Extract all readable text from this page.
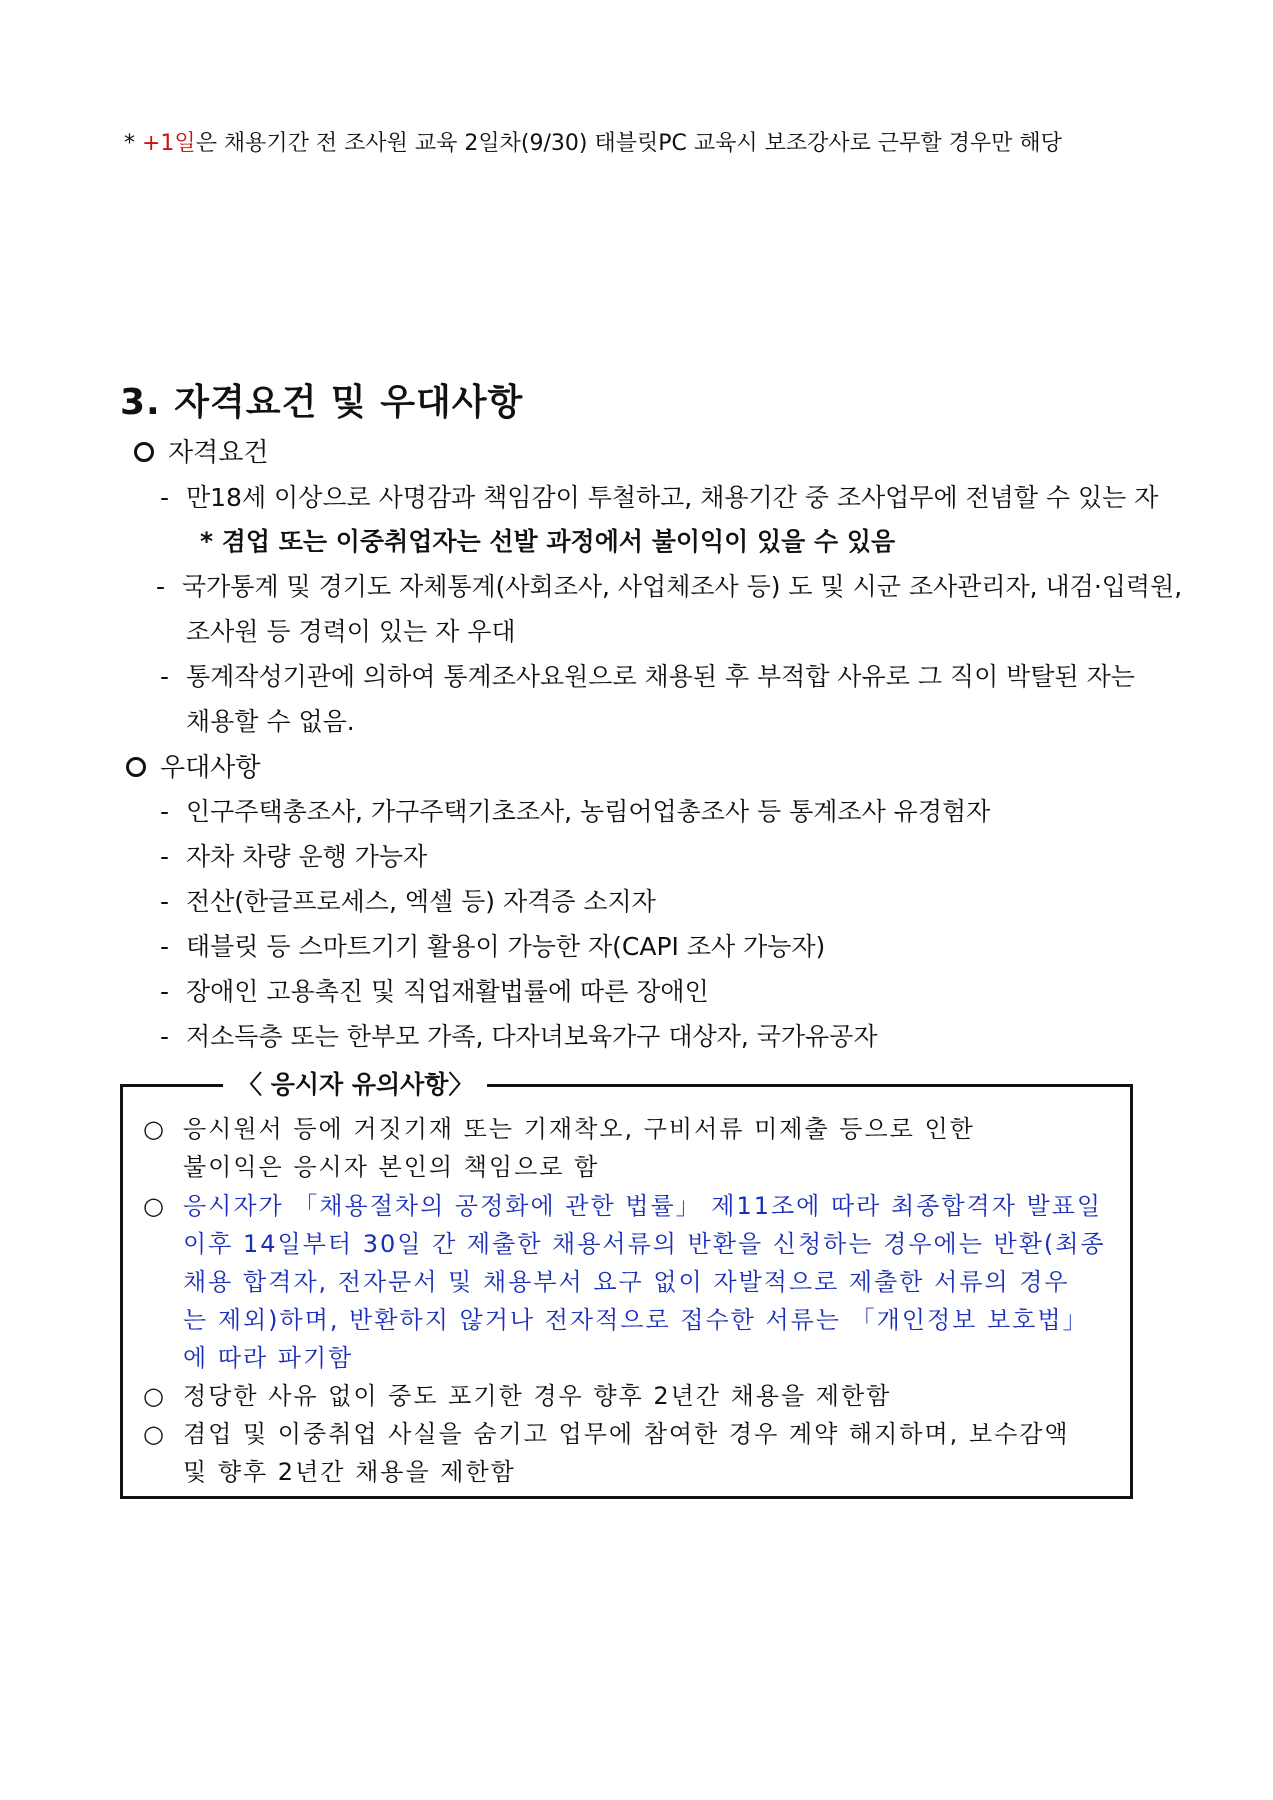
* +1일은 채용기간 전 조사원 교육 2일차(9/30) 태블릿PC 교육시 보조강사로 근무할 경우만 해당
3. 자격요건 및 우대사항
자격요건
- 만18세 이상으로 사명감과 책임감이 투철하고, 채용기간 중 조사업무에 전념할 수 있는 자
* 겸업 또는 이중취업자는 선발 과정에서 불이익이 있을 수 있음
- 국가통계 및 경기도 자체통계(사회조사, 사업체조사 등) 도 및 시군 조사관리자, 내검·입력원,
조사원 등 경력이 있는 자 우대
- 통계작성기관에 의하여 통계조사요원으로 채용된 후 부적합 사유로 그 직이 박탈된 자는
채용할 수 없음.
우대사항
- 인구주택총조사, 가구주택기초조사, 농림어업총조사 등 통계조사 유경험자
- 자차 차량 운행 가능자
- 전산(한글프로세스, 엑셀 등) 자격증 소지자
- 태블릿 등 스마트기기 활용이 가능한 자(CAPI 조사 가능자)
- 장애인 고용촉진 및 직업재활법률에 따른 장애인
- 저소득층 또는 한부모 가족, 다자녀보육가구 대상자, 국가유공자
〈 응시자 유의사항〉
○ 응시원서 등에 거짓기재 또는 기재착오, 구비서류 미제출 등으로 인한
불이익은 응시자 본인의 책임으로 함
○ 응시자가 「채용절차의 공정화에 관한 법률」 제11조에 따라 최종합격자 발표일
이후 14일부터 30일 간 제출한 채용서류의 반환을 신청하는 경우에는 반환(최종
채용 합격자, 전자문서 및 채용부서 요구 없이 자발적으로 제출한 서류의 경우
는 제외)하며, 반환하지 않거나 전자적으로 접수한 서류는 「개인정보 보호법」
에 따라 파기함
○ 정당한 사유 없이 중도 포기한 경우 향후 2년간 채용을 제한함
○ 겸업 및 이중취업 사실을 숨기고 업무에 참여한 경우 계약 해지하며, 보수감액
및 향후 2년간 채용을 제한함
